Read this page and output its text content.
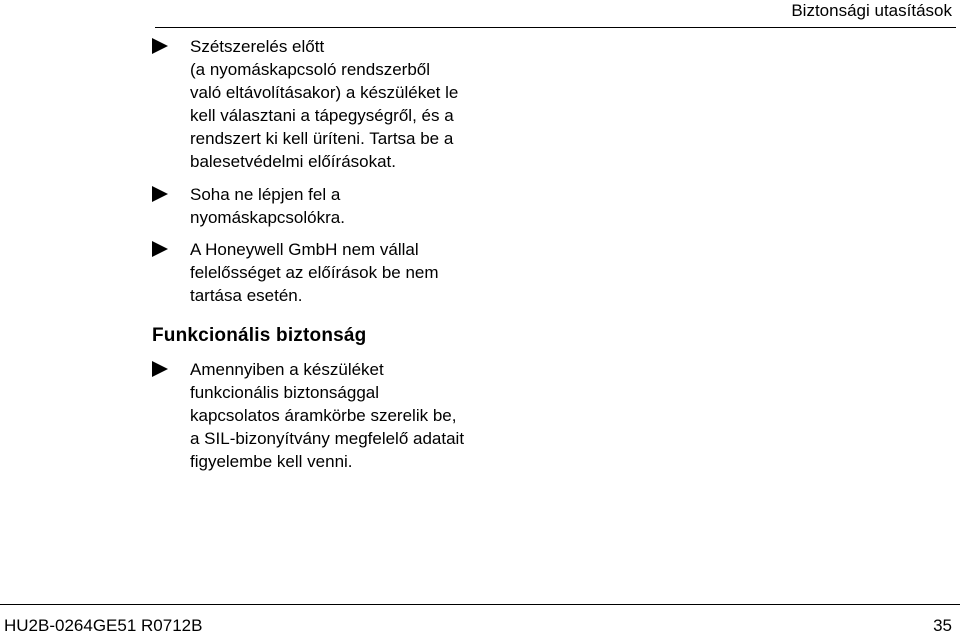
Biztonsági utasítások
Szétszerelés előtt
(a nyomáskapcsoló rendszerből
való eltávolításakor) a készüléket le
kell választani a tápegységről, és a
rendszert ki kell üríteni. Tartsa be a
balesetvédelmi előírásokat.
Soha ne lépjen fel a
nyomáskapcsolókra.
A Honeywell GmbH nem vállal
felelősséget az előírások be nem
tartása esetén.
Funkcionális biztonság
Amennyiben a készüléket
funkcionális biztonsággal
kapcsolatos áramkörbe szerelik be,
a SIL-bizonyítvány megfelelő adatait
figyelembe kell venni.
HU2B-0264GE51 R0712B	35
